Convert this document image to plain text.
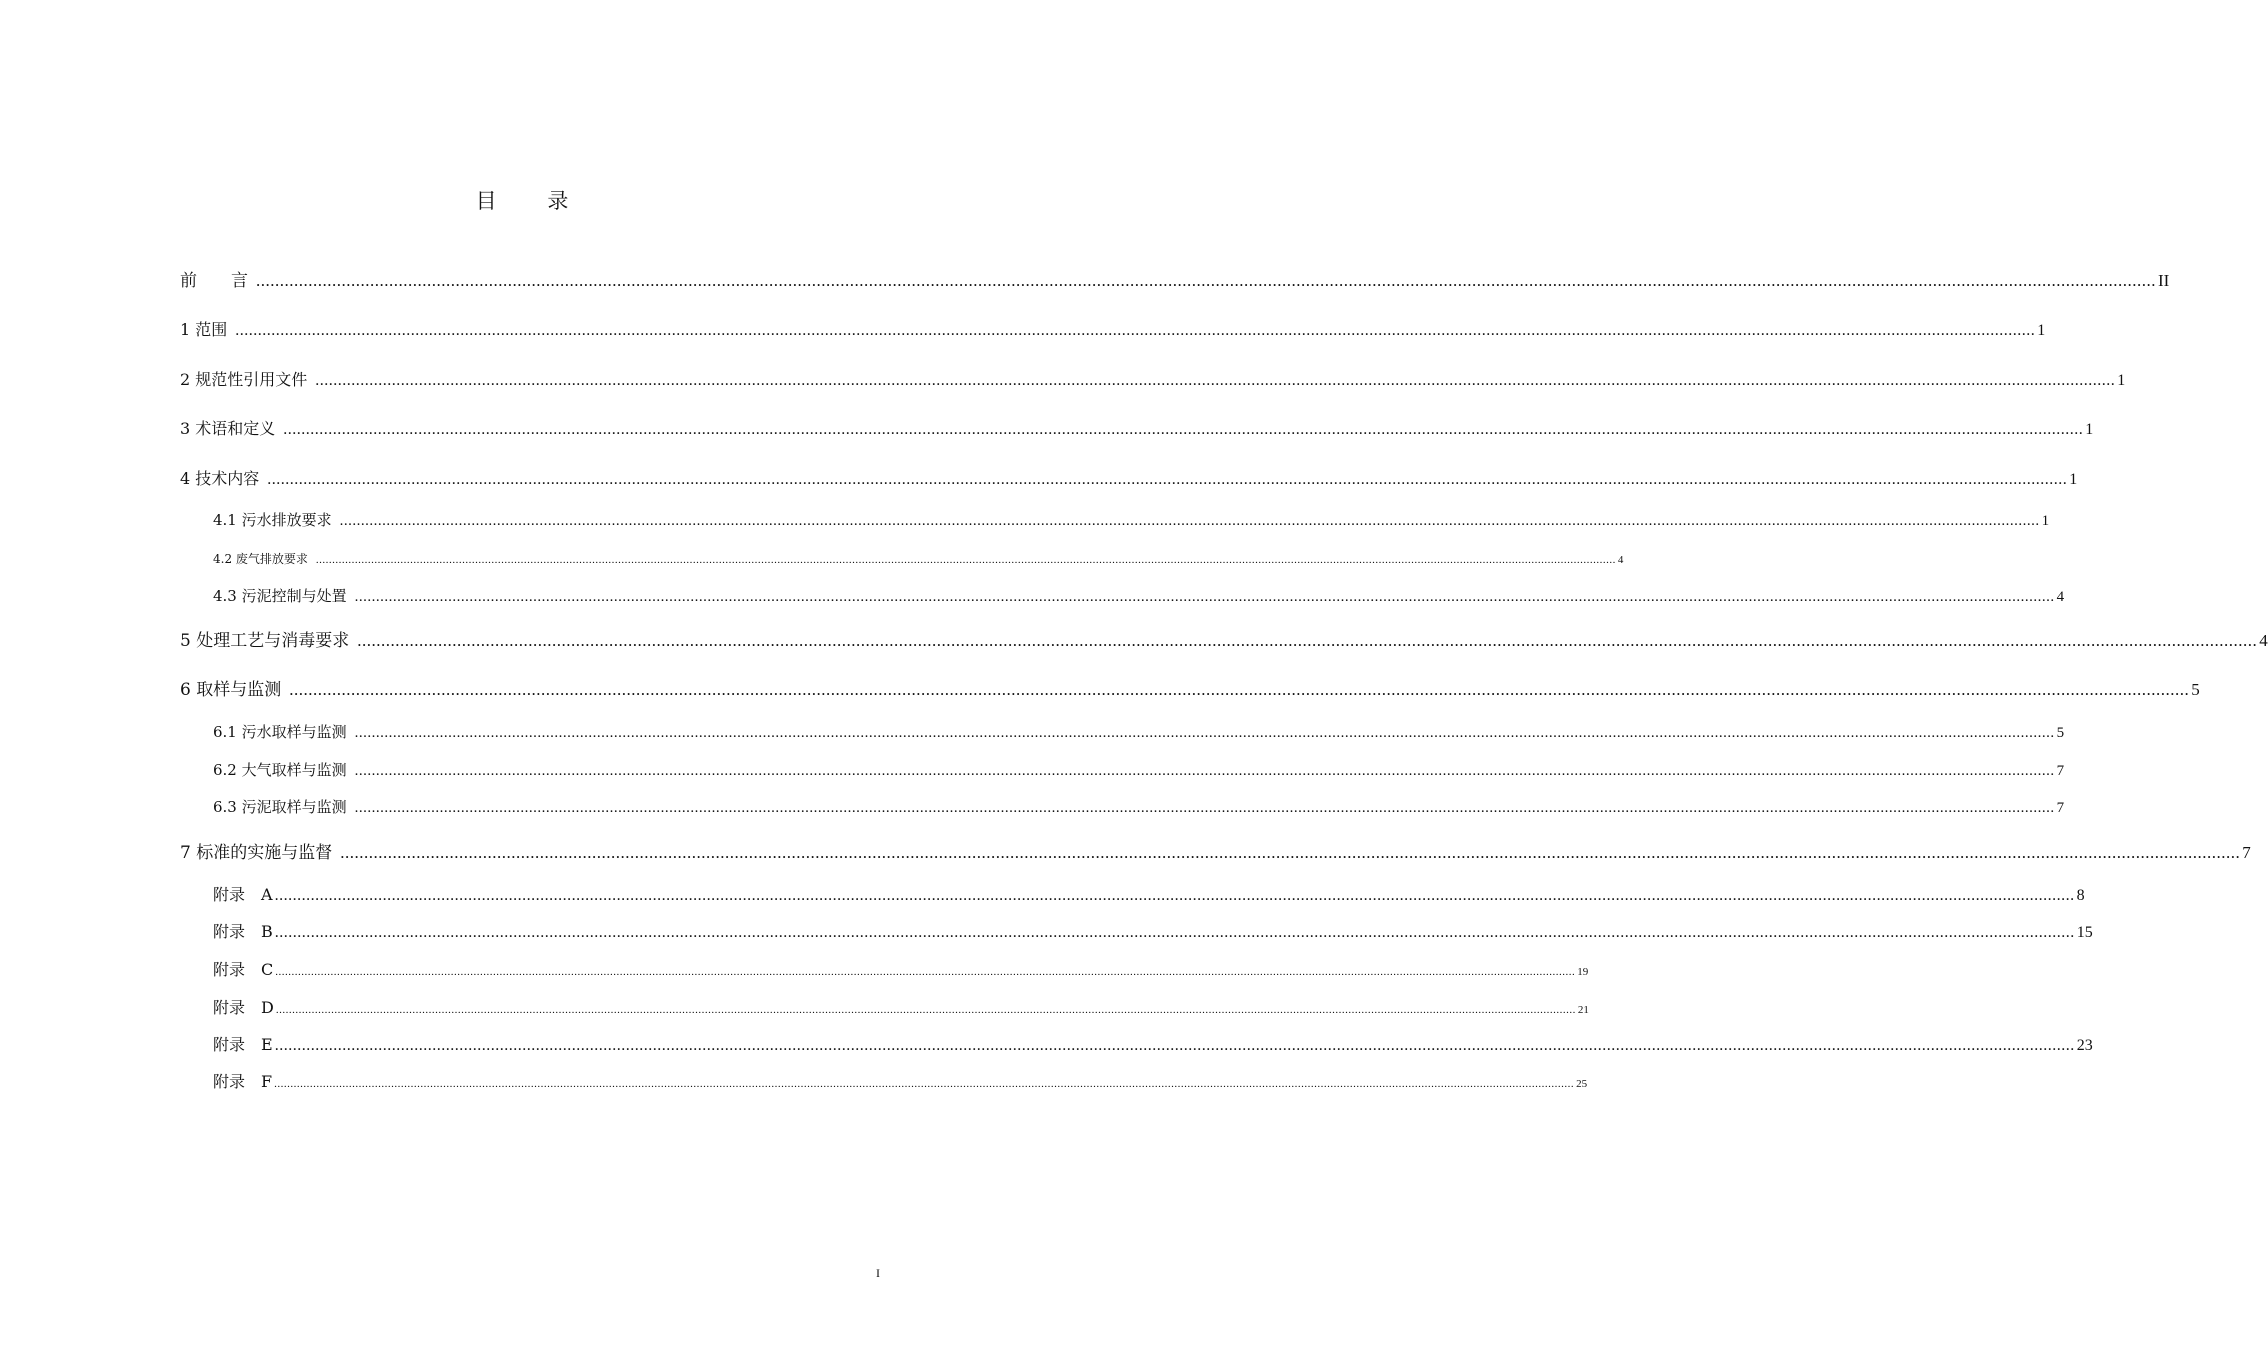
目 录
前　　言 ................................................................................................................................................................................................................................................................................................................................................................................................................ II
1 范围 ................................................................................................................................................................................................................................................................................................................................................................................................................ 1
2 规范性引用文件 ................................................................................................................................................................................................................................................................................................................................................................................................................ 1
3 术语和定义 ................................................................................................................................................................................................................................................................................................................................................................................................................ 1
4 技术内容 ................................................................................................................................................................................................................................................................................................................................................................................................................ 1
4.1 污水排放要求 ................................................................................................................................................................................................................................................................................................................................................................................................................ 1
4.2 废气排放要求 ................................................................................................................................................................................................................................................................................................................................................................................................................ 4
4.3 污泥控制与处置 ................................................................................................................................................................................................................................................................................................................................................................................................................ 4
5 处理工艺与消毒要求 ................................................................................................................................................................................................................................................................................................................................................................................................................ 4
6 取样与监测 ................................................................................................................................................................................................................................................................................................................................................................................................................ 5
6.1 污水取样与监测 ................................................................................................................................................................................................................................................................................................................................................................................................................ 5
6.2 大气取样与监测 ................................................................................................................................................................................................................................................................................................................................................................................................................ 7
6.3 污泥取样与监测 ................................................................................................................................................................................................................................................................................................................................................................................................................ 7
7 标准的实施与监督 ................................................................................................................................................................................................................................................................................................................................................................................................................ 7
附录　A ................................................................................................................................................................................................................................................................................................................................................................................................................ 8
附录　B ................................................................................................................................................................................................................................................................................................................................................................................................................ 15
附录　C ................................................................................................................................................................................................................................................................................................................................................................................................................ 19
附录　D ................................................................................................................................................................................................................................................................................................................................................................................................................ 21
附录　E ................................................................................................................................................................................................................................................................................................................................................................................................................ 23
附录　F ................................................................................................................................................................................................................................................................................................................................................................................................................ 25
I
